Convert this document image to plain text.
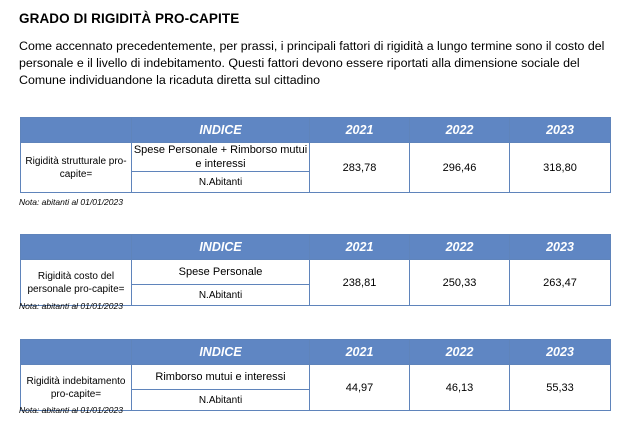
GRADO DI RIGIDITÀ PRO-CAPITE
Come accennato precedentemente, per prassi, i principali fattori di rigidità a lungo termine sono il costo del personale e il livello di indebitamento. Questi fattori devono essere riportati alla dimensione sociale del Comune individuandone la ricaduta diretta sul cittadino
	INDICE	2021	2022	2023
Rigidità strutturale pro-capite=	Spese Personale + Rimborso mutui e interessi	283,78	296,46	318,80
	N.Abitanti			
Nota: abitanti al 01/01/2023
	INDICE	2021	2022	2023
Rigidità costo del personale pro-capite=	Spese Personale	238,81	250,33	263,47
	N.Abitanti			
Nota: abitanti al 01/01/2023
	INDICE	2021	2022	2023
Rigidità indebitamento pro-capite=	Rimborso mutui e interessi	44,97	46,13	55,33
	N.Abitanti			
Nota: abitanti al 01/01/2023
